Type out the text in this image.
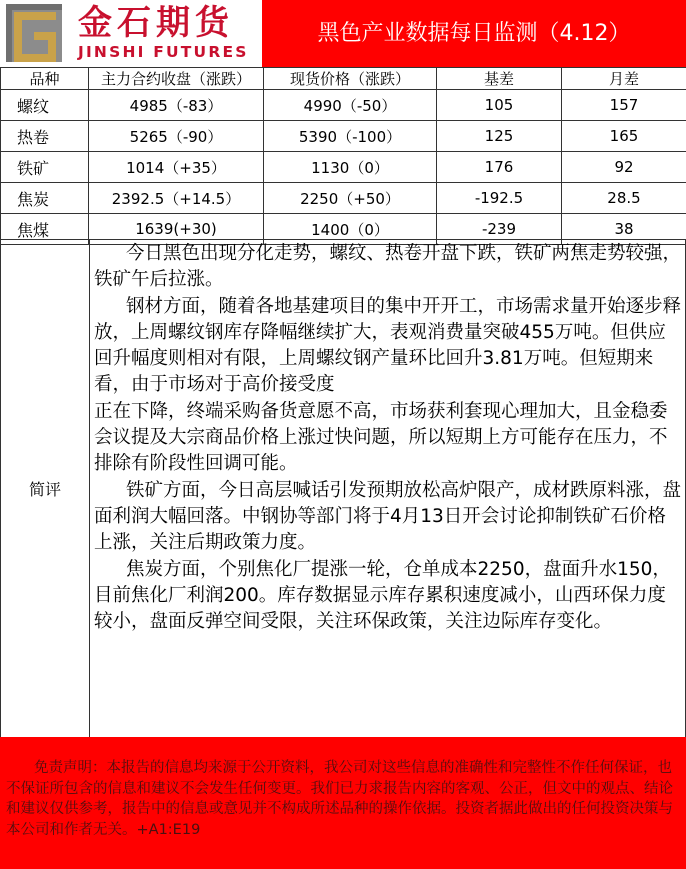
金石期货
JINSHI FUTURES
黑色产业数据每日监测（4.12）
品种	主力合约收盘（涨跌）	现货价格（涨跌）	基差	月差
螺纹	4985（-83）	4990（-50）	105	157
热卷	5265（-90）	5390（-100）	125	165
铁矿	1014（+35）	1130（0）	176	92
焦炭	2392.5（+14.5）	2250（+50）	-192.5	28.5
焦煤	1639(+30)	1400（0）	-239	38
简评

今日黑色出现分化走势，螺纹、热卷开盘下跌，铁矿两焦走势较强，铁矿午后拉涨。

钢材方面，随着各地基建项目的集中开开工，市场需求量开始逐步释放，上周螺纹钢库存降幅继续扩大，表观消费量突破455万吨。但供应回升幅度则相对有限，上周螺纹钢产量环比回升3.81万吨。但短期来看，由于市场对于高价接受度

正在下降，终端采购备货意愿不高，市场获利套现心理加大，且金稳委会议提及大宗商品价格上涨过快问题，所以短期上方可能存在压力，不排除有阶段性回调可能。

铁矿方面，今日高层喊话引发预期放松高炉限产，成材跌原料涨，盘面利润大幅回落。中钢协等部门将于4月13日开会讨论抑制铁矿石价格上涨，关注后期政策力度。

焦炭方面，个别焦化厂提涨一轮，仓单成本2250，盘面升水150，目前焦化厂利润200。库存数据显示库存累积速度减小，山西环保力度较小，盘面反弹空间受限，关注环保政策，关注边际库存变化。

免责声明：本报告的信息均来源于公开资料，我公司对这些信息的准确性和完整性不作任何保证，也不保证所包含的信息和建议不会发生任何变更。我们已力求报告内容的客观、公正，但文中的观点、结论和建议仅供参考，报告中的信息或意见并不构成所述品种的操作依据。投资者据此做出的任何投资决策与本公司和作者无关。+A1:E19
